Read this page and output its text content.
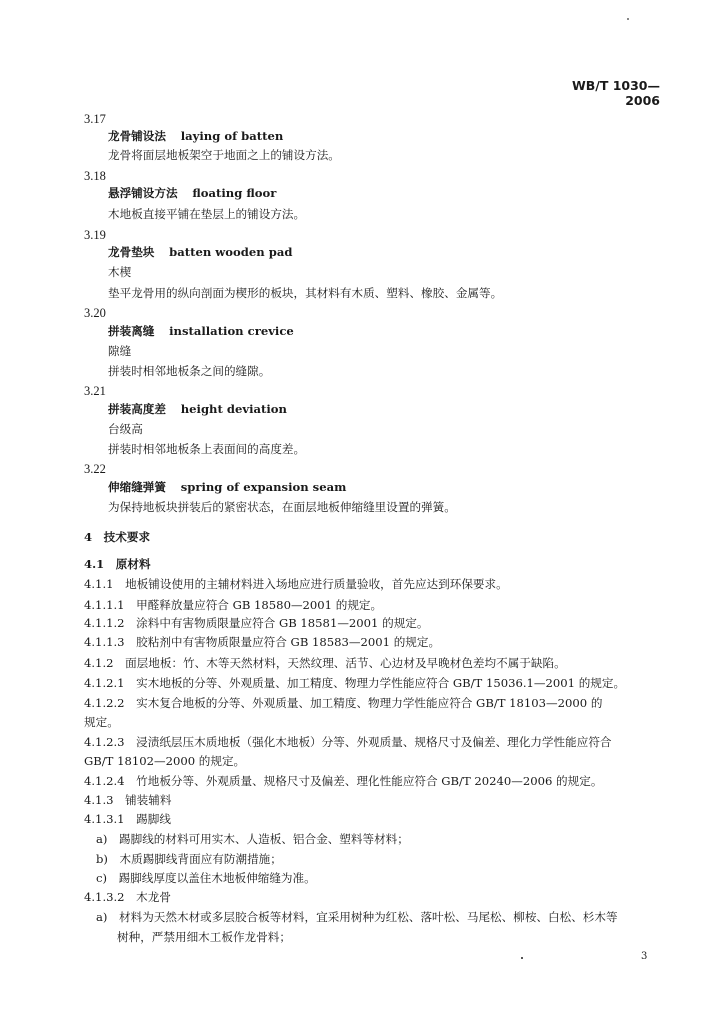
WB/T 1030—2006
3.17
龙骨铺设法 laying of batten
龙骨将面层地板架空于地面之上的铺设方法。
3.18
悬浮铺设方法 floating floor
木地板直接平铺在垫层上的铺设方法。
3.19
龙骨垫块 batten wooden pad
木楔
垫平龙骨用的纵向剖面为楔形的板块，其材料有木质、塑料、橡胶、金属等。
3.20
拼装离缝 installation crevice
隙缝
拼装时相邻地板条之间的缝隙。
3.21
拼装高度差 height deviation
台级高
拼装时相邻地板条上表面间的高度差。
3.22
伸缩缝弹簧 spring of expansion seam
为保持地板块拼装后的紧密状态，在面层地板伸缩缝里设置的弹簧。
4　技术要求
4.1　原材料
4.1.1　地板铺设使用的主辅材料进入场地应进行质量验收，首先应达到环保要求。
4.1.1.1　甲醛释放量应符合 GB 18580—2001 的规定。
4.1.1.2　涂料中有害物质限量应符合 GB 18581—2001 的规定。
4.1.1.3　胶粘剂中有害物质限量应符合 GB 18583—2001 的规定。
4.1.2　面层地板：竹、木等天然材料，天然纹理、活节、心边材及早晚材色差均不属于缺陷。
4.1.2.1　实木地板的分等、外观质量、加工精度、物理力学性能应符合 GB/T 15036.1—2001 的规定。
4.1.2.2　实木复合地板的分等、外观质量、加工精度、物理力学性能应符合 GB/T 18103—2000 的
规定。
4.1.2.3　浸渍纸层压木质地板（强化木地板）分等、外观质量、规格尺寸及偏差、理化力学性能应符合
GB/T 18102—2000 的规定。
4.1.2.4　竹地板分等、外观质量、规格尺寸及偏差、理化性能应符合 GB/T 20240—2006 的规定。
4.1.3　铺装辅料
4.1.3.1　踢脚线
a)　踢脚线的材料可用实木、人造板、铝合金、塑料等材料；
b)　木质踢脚线背面应有防潮措施；
c)　踢脚线厚度以盖住木地板伸缩缝为准。
4.1.3.2　木龙骨
a)　材料为天然木材或多层胶合板等材料，宜采用树种为红松、落叶松、马尾松、柳桉、白松、杉木等
树种，严禁用细木工板作龙骨料；
3
